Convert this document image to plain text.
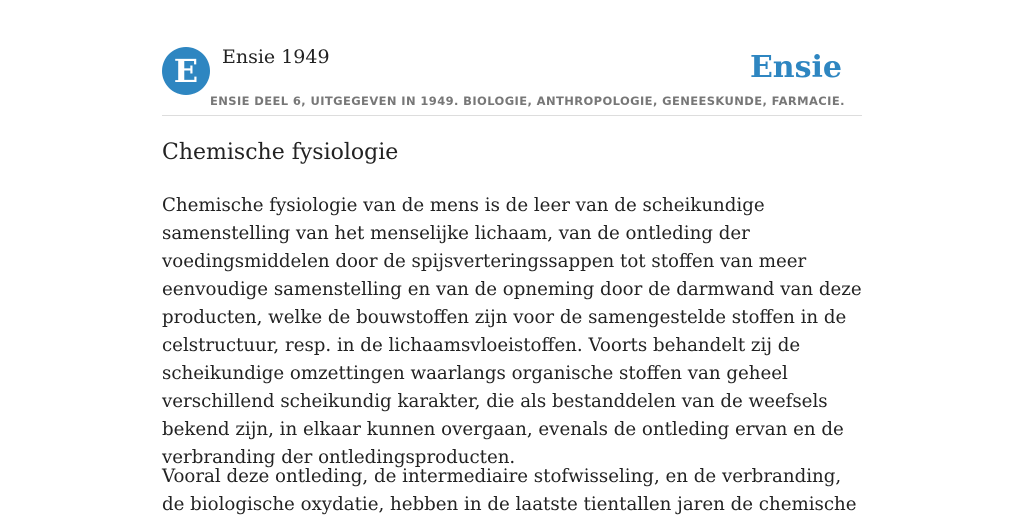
E	Ensie 1949	Ensie
ENSIE DEEL 6, UITGEGEVEN IN 1949. BIOLOGIE, ANTHROPOLOGIE, GENEESKUNDE, FARMACIE.
Chemische fysiologie

Chemische fysiologie van de mens is de leer van de scheikundige samenstelling van het menselijke lichaam, van de ontleding der voedingsmiddelen door de spijsverteringssappen tot stoffen van meer eenvoudige samenstelling en van de opneming door de darmwand van deze producten, welke de bouwstoffen zijn voor de samengestelde stoffen in de celstructuur, resp. in de lichaamsvloeistoffen. Voorts behandelt zij de scheikundige omzettingen waarlangs organische stoffen van geheel verschillend scheikundig karakter, die als bestanddelen van de weefsels bekend zijn, in elkaar kunnen overgaan, evenals de ontleding ervan en de verbranding der ontledingsproducten.

Vooral deze ontleding, de intermediaire stofwisseling, en de verbranding, de biologische oxydatie, hebben in de laatste tientallen jaren de chemische
